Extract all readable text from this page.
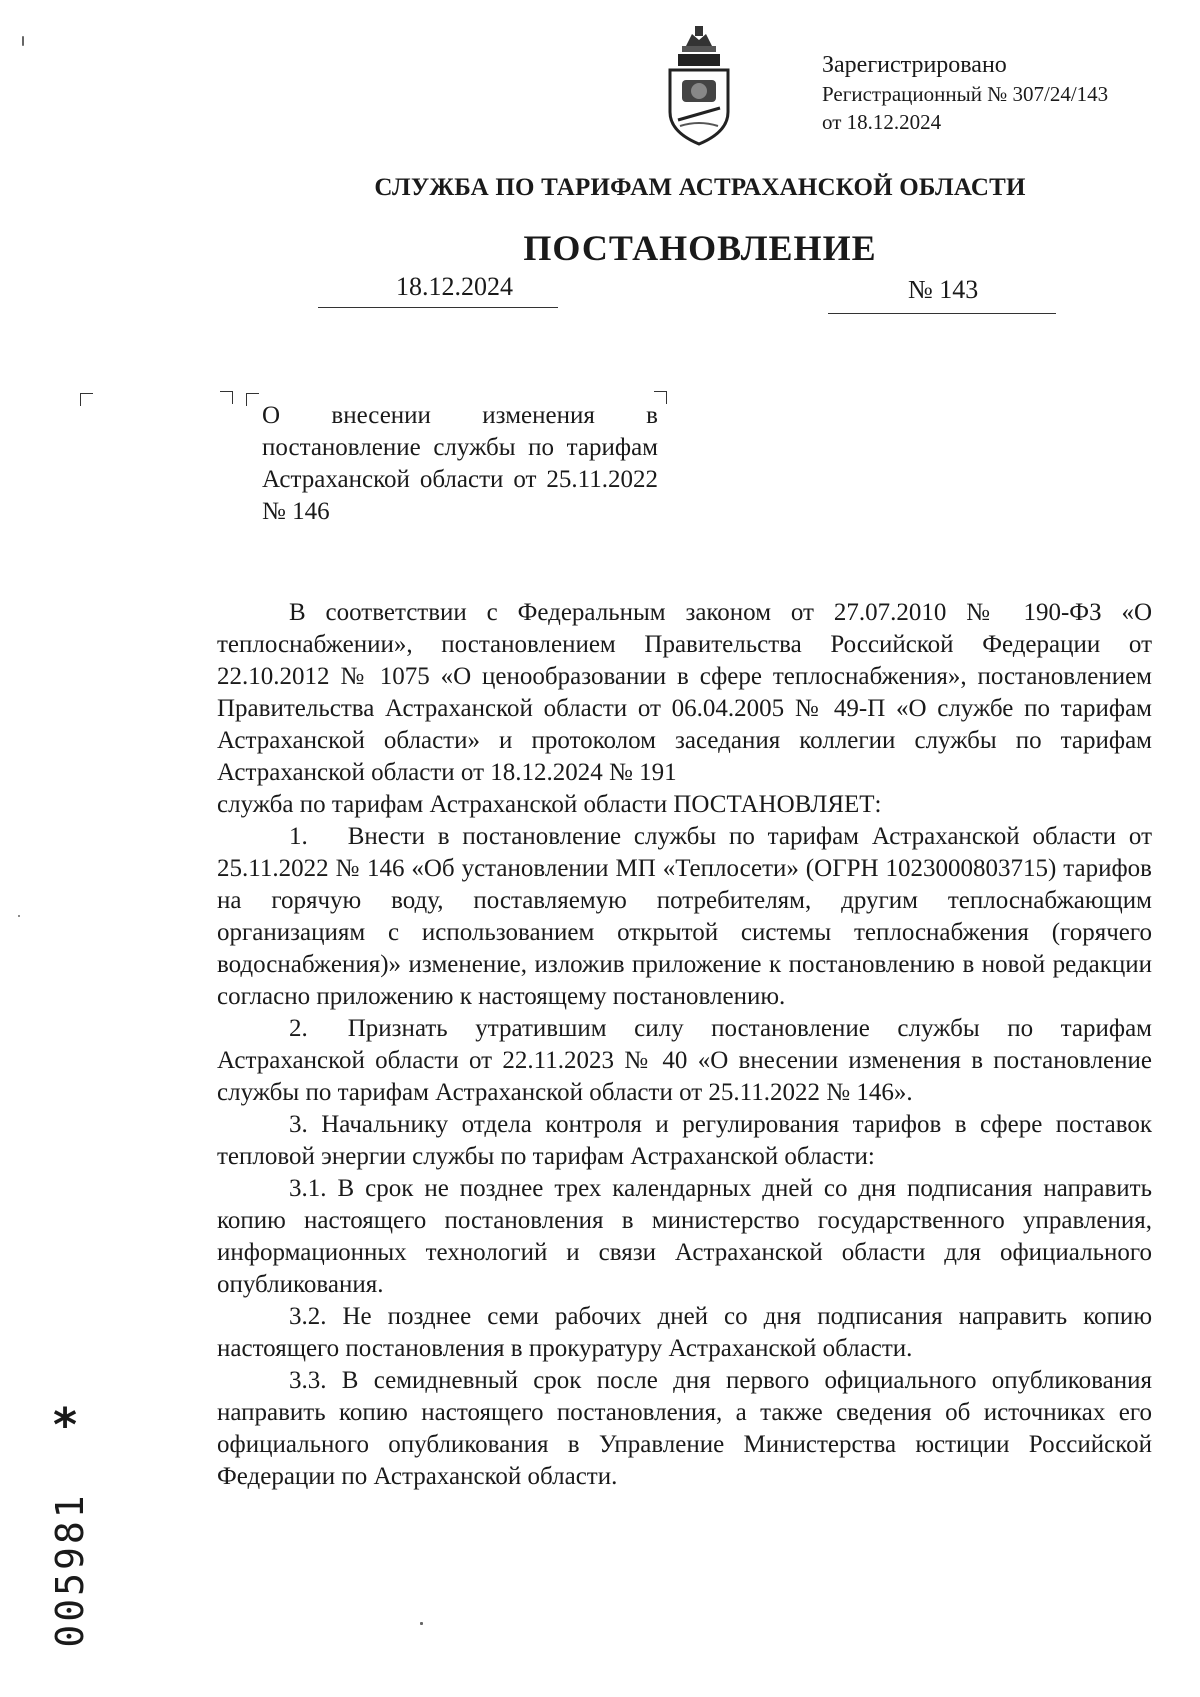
Зарегистрировано
Регистрационный № 307/24/143
от 18.12.2024
СЛУЖБА ПО ТАРИФАМ АСТРАХАНСКОЙ ОБЛАСТИ
ПОСТАНОВЛЕНИЕ
18.12.2024	№ 143
О внесении изменения в постановление службы по тарифам Астраханской области от 25.11.2022 № 146

В соответствии с Федеральным законом от 27.07.2010 № 190-ФЗ «О теплоснабжении», постановлением Правительства Российской Федерации от 22.10.2012 № 1075 «О ценообразовании в сфере теплоснабжения», постановлением Правительства Астраханской области от 06.04.2005 № 49-П «О службе по тарифам Астраханской области» и протоколом заседания коллегии службы по тарифам Астраханской области от 18.12.2024 № 191

служба по тарифам Астраханской области ПОСТАНОВЛЯЕТ:

1. Внести в постановление службы по тарифам Астраханской области от 25.11.2022 № 146 «Об установлении МП «Теплосети» (ОГРН 1023000803715) тарифов на горячую воду, поставляемую потребителям, другим теплоснабжающим организациям с использованием открытой системы теплоснабжения (горячего водоснабжения)» изменение, изложив приложение к постановлению в новой редакции согласно приложению к настоящему постановлению.

2. Признать утратившим силу постановление службы по тарифам Астраханской области от 22.11.2023 № 40 «О внесении изменения в постановление службы по тарифам Астраханской области от 25.11.2022 № 146».

3. Начальнику отдела контроля и регулирования тарифов в сфере поставок тепловой энергии службы по тарифам Астраханской области:

3.1. В срок не позднее трех календарных дней со дня подписания направить копию настоящего постановления в министерство государственного управления, информационных технологий и связи Астраханской области для официального опубликования.

3.2. Не позднее семи рабочих дней со дня подписания направить копию настоящего постановления в прокуратуру Астраханской области.

3.3. В семидневный срок после дня первого официального опубликования направить копию настоящего постановления, а также сведения об источниках его официального опубликования в Управление Министерства юстиции Российской Федерации по Астраханской области.

*
005981
